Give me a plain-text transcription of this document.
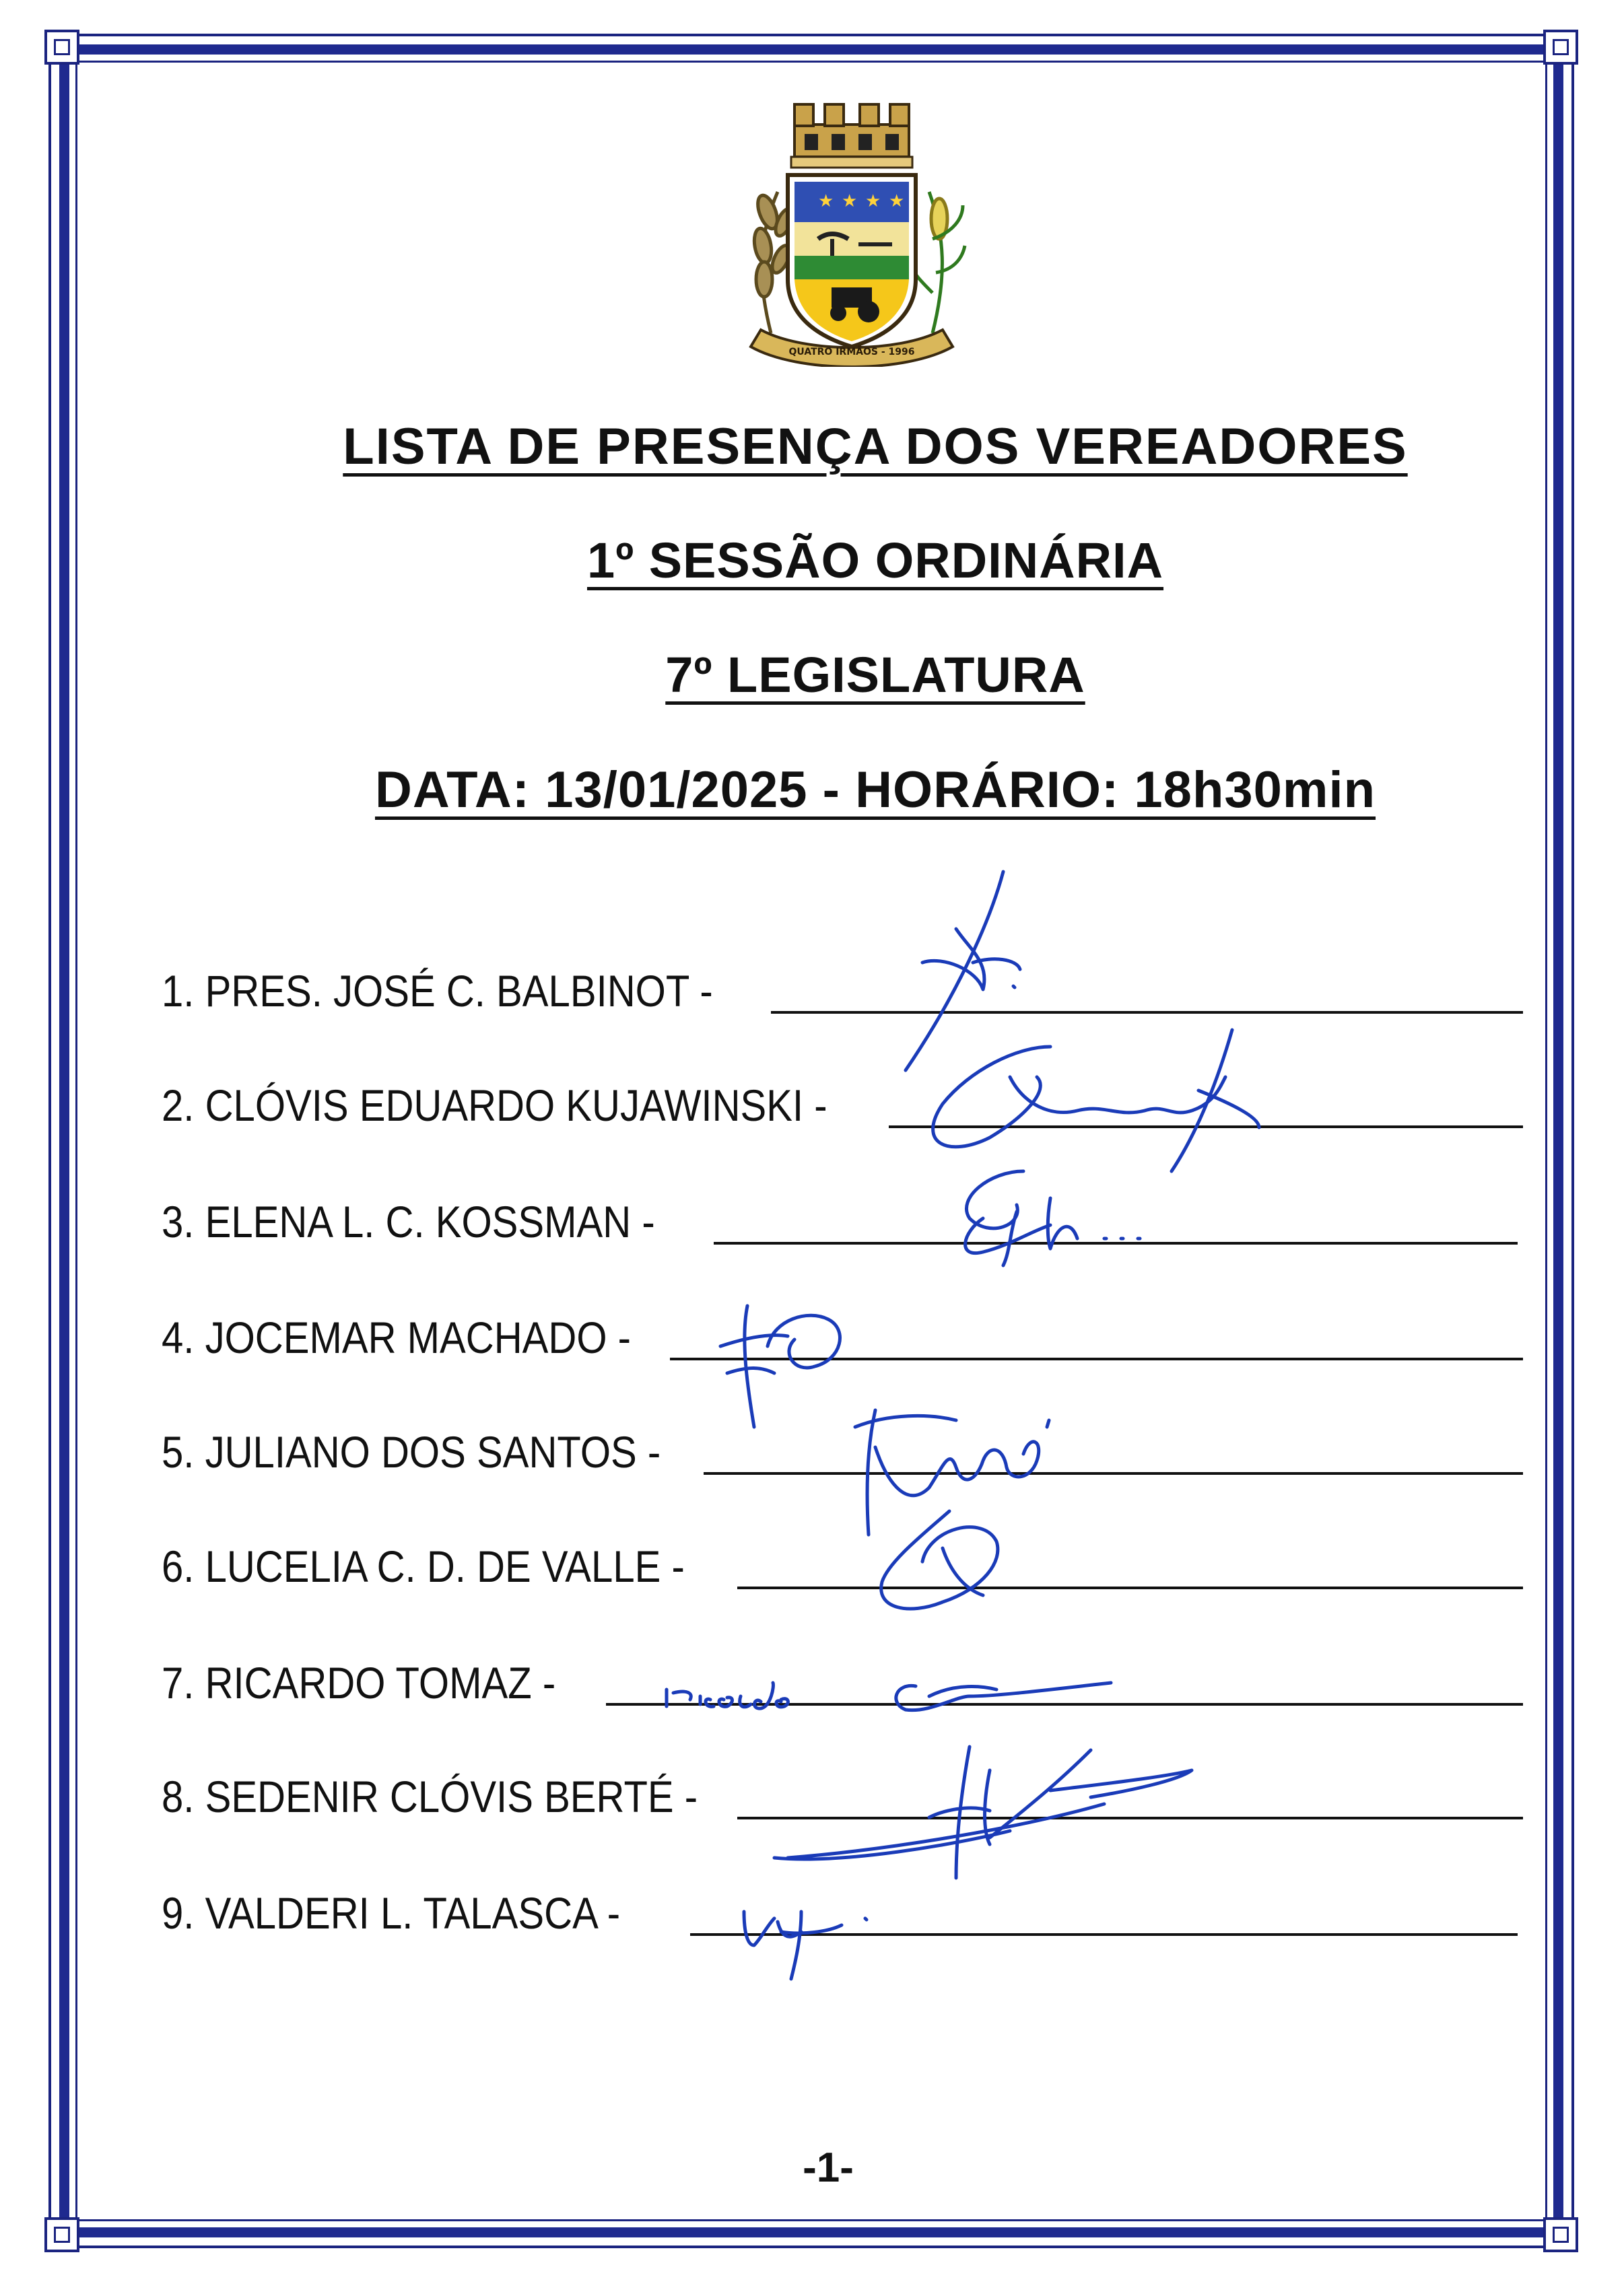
★ ★ ★ ★
QUATRO IRMÃOS - 1996
LISTA DE PRESENÇA DOS VEREADORES
1º SESSÃO ORDINÁRIA
7º LEGISLATURA
DATA: 13/01/2025 - HORÁRIO: 18h30min
1. PRES. JOSÉ C. BALBINOT -
2. CLÓVIS EDUARDO KUJAWINSKI -
3. ELENA L. C. KOSSMAN -
4. JOCEMAR MACHADO -
5. JULIANO DOS SANTOS -
6. LUCELIA C. D. DE VALLE -
7. RICARDO TOMAZ -
8. SEDENIR CLÓVIS BERTÉ -
9. VALDERI L. TALASCA -
-1-
